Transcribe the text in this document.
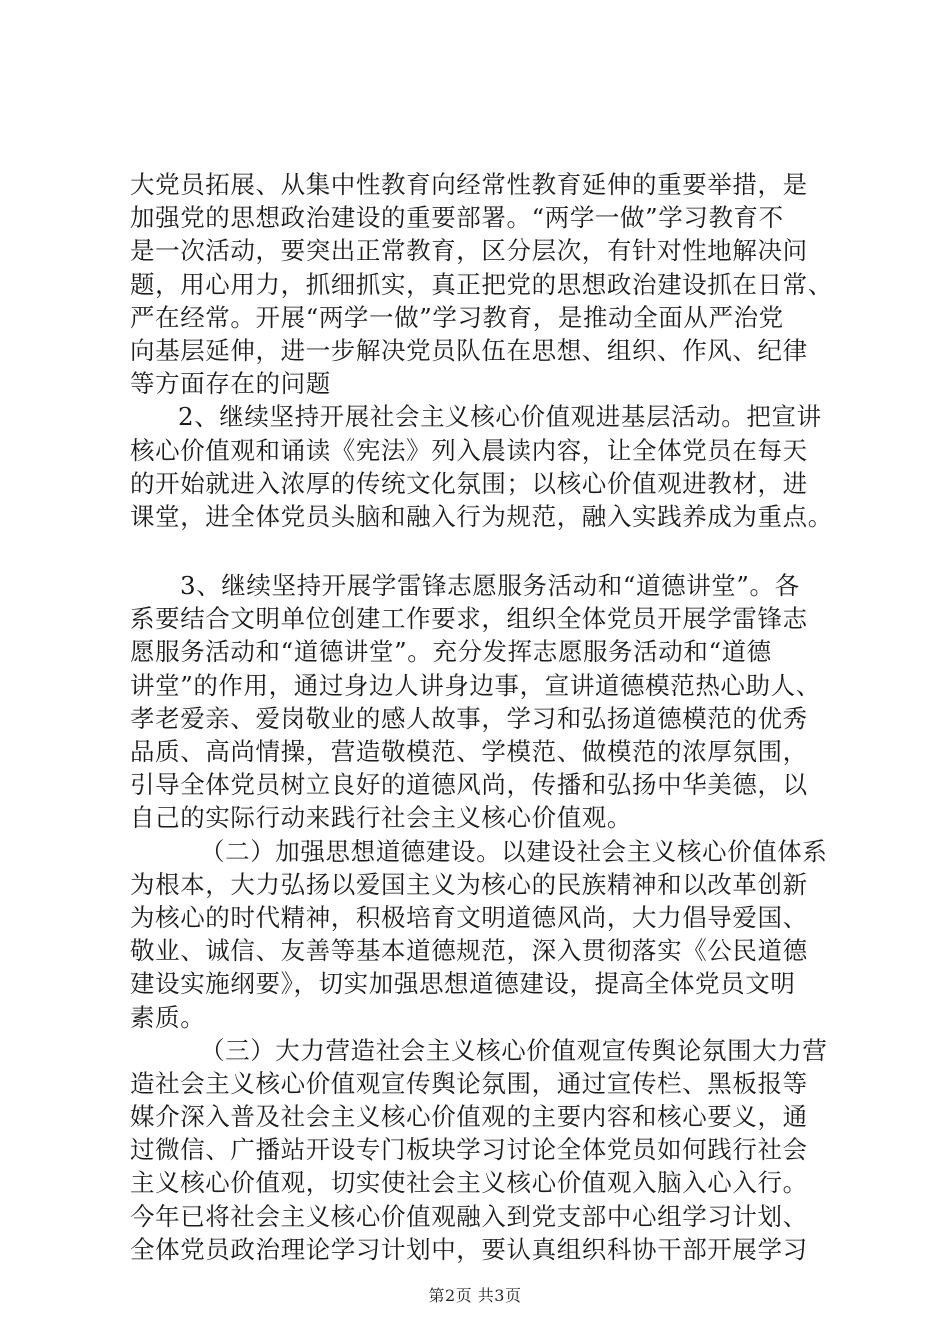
大党员拓展、从集中性教育向经常性教育延伸的重要举措，是
加强党的思想政治建设的重要部署。“两学一做”学习教育不
是一次活动，要突出正常教育，区分层次，有针对性地解决问
题，用心用力，抓细抓实，真正把党的思想政治建设抓在日常、
严在经常。开展“两学一做”学习教育，是推动全面从严治党
向基层延伸，进一步解决党员队伍在思想、组织、作风、纪律
等方面存在的问题
2、继续坚持开展社会主义核心价值观进基层活动。把宣讲
核心价值观和诵读《宪法》列入晨读内容，让全体党员在每天
的开始就进入浓厚的传统文化氛围；以核心价值观进教材，进
课堂，进全体党员头脑和融入行为规范，融入实践养成为重点。
3、继续坚持开展学雷锋志愿服务活动和“道德讲堂”。各
系要结合文明单位创建工作要求，组织全体党员开展学雷锋志
愿服务活动和“道德讲堂”。充分发挥志愿服务活动和“道德
讲堂”的作用，通过身边人讲身边事，宣讲道德模范热心助人、
孝老爱亲、爱岗敬业的感人故事，学习和弘扬道德模范的优秀
品质、高尚情操，营造敬模范、学模范、做模范的浓厚氛围，
引导全体党员树立良好的道德风尚，传播和弘扬中华美德，以
自己的实际行动来践行社会主义核心价值观。
（二）加强思想道德建设。以建设社会主义核心价值体系
为根本，大力弘扬以爱国主义为核心的民族精神和以改革创新
为核心的时代精神，积极培育文明道德风尚，大力倡导爱国、
敬业、诚信、友善等基本道德规范，深入贯彻落实《公民道德
建设实施纲要》，切实加强思想道德建设，提高全体党员文明
素质。
（三）大力营造社会主义核心价值观宣传舆论氛围大力营
造社会主义核心价值观宣传舆论氛围，通过宣传栏、黑板报等
媒介深入普及社会主义核心价值观的主要内容和核心要义，通
过微信、广播站开设专门板块学习讨论全体党员如何践行社会
主义核心价值观，切实使社会主义核心价值观入脑入心入行。
今年已将社会主义核心价值观融入到党支部中心组学习计划、
全体党员政治理论学习计划中，要认真组织科协干部开展学习
第2页 共3页
